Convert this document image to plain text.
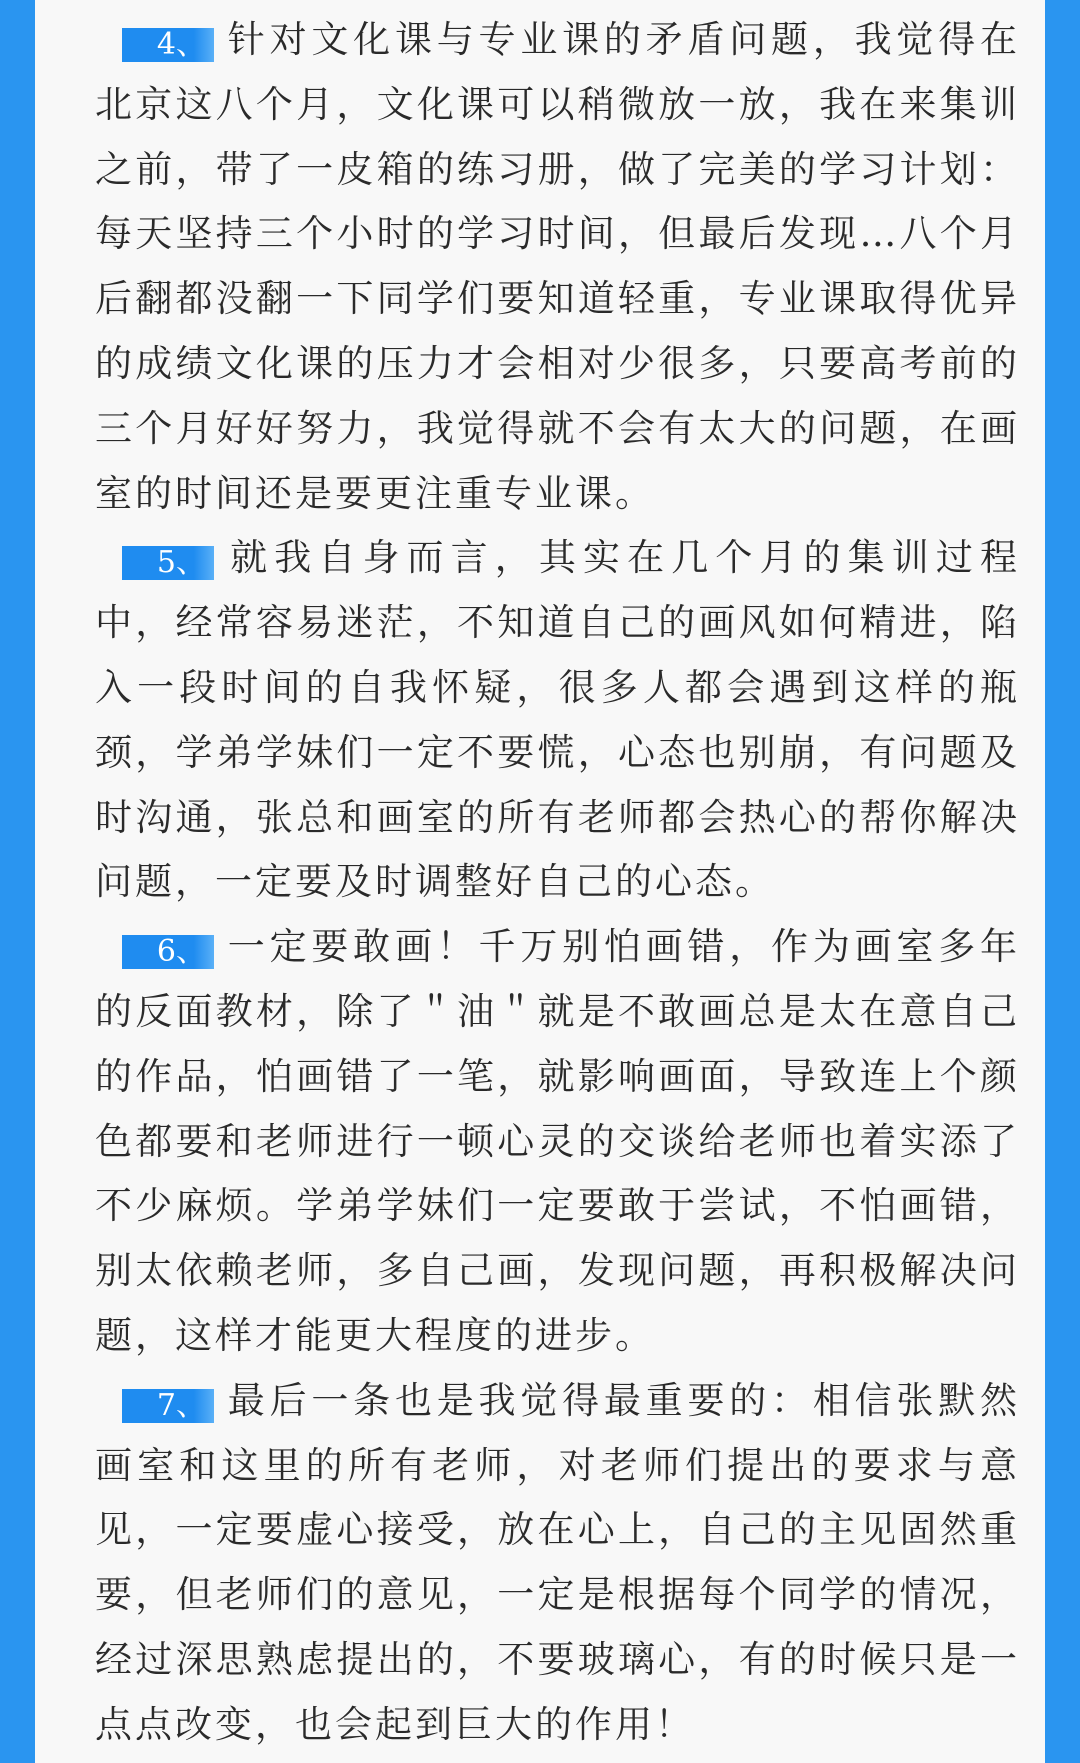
4、 针对文化课与专业课的矛盾问题，我觉得在北京这八个月，文化课可以稍微放一放，我在来集训之前，带了一皮箱的练习册，做了完美的学习计划：每天坚持三个小时的学习时间，但最后发现…八个月后翻都没翻一下同学们要知道轻重，专业课取得优异的成绩文化课的压力才会相对少很多，只要高考前的三个月好好努力，我觉得就不会有太大的问题，在画室的时间还是要更注重专业课。

5、 就我自身而言，其实在几个月的集训过程中，经常容易迷茫，不知道自己的画风如何精进，陷入一段时间的自我怀疑，很多人都会遇到这样的瓶颈，学弟学妹们一定不要慌，心态也别崩，有问题及时沟通，张总和画室的所有老师都会热心的帮你解决问题，一定要及时调整好自己的心态。

6、 一定要敢画！千万别怕画错，作为画室多年的反面教材，除了＂油＂就是不敢画总是太在意自己的作品，怕画错了一笔，就影响画面，导致连上个颜色都要和老师进行一顿心灵的交谈给老师也着实添了不少麻烦。学弟学妹们一定要敢于尝试，不怕画错，别太依赖老师，多自己画，发现问题，再积极解决问题，这样才能更大程度的进步。

7、 最后一条也是我觉得最重要的：相信张默然画室和这里的所有老师，对老师们提出的要求与意见，一定要虚心接受，放在心上，自己的主见固然重要，但老师们的意见，一定是根据每个同学的情况，经过深思熟虑提出的，不要玻璃心，有的时候只是一点点改变，也会起到巨大的作用！
